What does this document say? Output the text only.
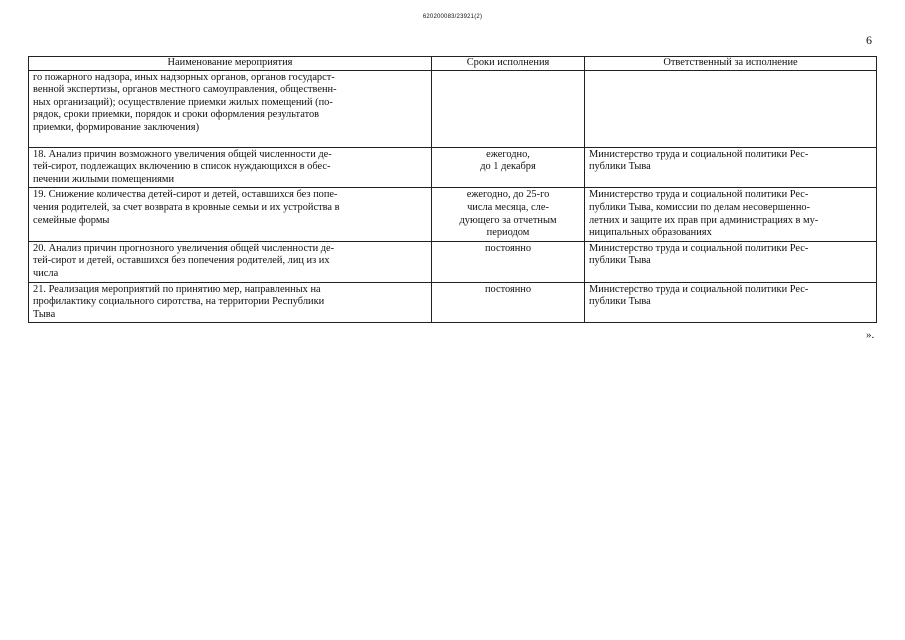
620200083/23921(2)
6
Наименование мероприятия	Сроки исполнения	Ответственный за исполнение

го пожарного надзора, иных надзорных органов, органов государст-
венной экспертизы, органов местного самоуправления, общественн-
ных организаций); осуществление приемки жилых помещений (по-
рядок, сроки приемки, порядок и сроки оформления результатов
приемки, формирование заключения)		

18. Анализ причин возможного увеличения общей численности де-
тей-сирот, подлежащих включению в список нуждающихся в обес-
печении жилыми помещениями	ежегодно,
до 1 декабря	Министерство труда и социальной политики Рес-
публики Тыва

19. Снижение количества детей-сирот и детей, оставшихся без попе-
чения родителей, за счет возврата в кровные семьи и их устройства в
семейные формы	ежегодно, до 25-го
числа месяца, сле-
дующего за отчетным
периодом	Министерство труда и социальной политики Рес-
публики Тыва, комиссии по делам несовершенно-
летних и защите их прав при администрациях в му-
ниципальных образованиях

20. Анализ причин прогнозного увеличения общей численности де-
тей-сирот и детей, оставшихся без попечения родителей, лиц из их
числа	постоянно	Министерство труда и социальной политики Рес-
публики Тыва

21. Реализация мероприятий по принятию мер, направленных на
профилактику социального сиротства, на территории Республики
Тыва	постоянно	Министерство труда и социальной политики Рес-
публики Тыва
».
